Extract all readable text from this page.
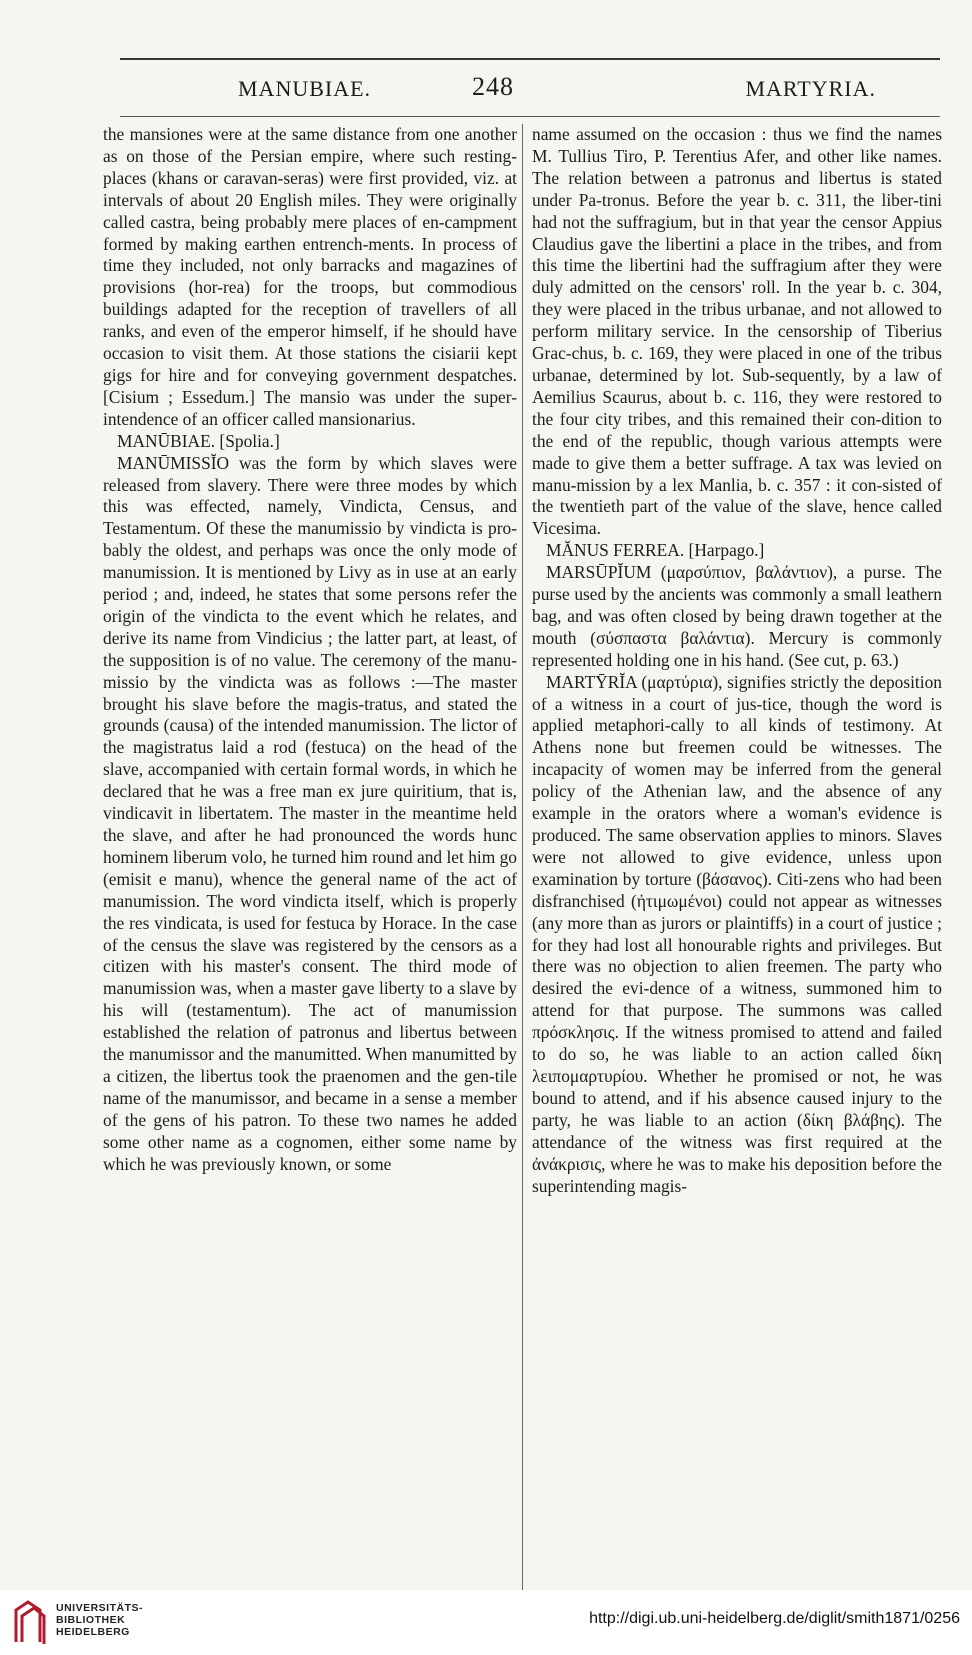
MANUBIAE.	248	MARTYRIA.

the mansiones were at the same distance from one another as on those of the Persian empire, where such resting-places (khans or caravan-seras) were first provided, viz. at intervals of about 20 English miles. They were originally called castra, being probably mere places of en-campment formed by making earthen entrench-ments. In process of time they included, not only barracks and magazines of provisions (hor-rea) for the troops, but commodious buildings adapted for the reception of travellers of all ranks, and even of the emperor himself, if he should have occasion to visit them. At those stations the cisiarii kept gigs for hire and for conveying government despatches. [Cisium ; Essedum.] The mansio was under the super-intendence of an officer called mansionarius.

MANŪBIAE. [Spolia.]

MANŪMISSĬO was the form by which slaves were released from slavery. There were three modes by which this was effected, namely, Vindicta, Census, and Testamentum. Of these the manumissio by vindicta is pro-bably the oldest, and perhaps was once the only mode of manumission. It is mentioned by Livy as in use at an early period ; and, indeed, he states that some persons refer the origin of the vindicta to the event which he relates, and derive its name from Vindicius ; the latter part, at least, of the supposition is of no value. The ceremony of the manu-missio by the vindicta was as follows :—The master brought his slave before the magis-tratus, and stated the grounds (causa) of the intended manumission. The lictor of the magistratus laid a rod (festuca) on the head of the slave, accompanied with certain formal words, in which he declared that he was a free man ex jure quiritium, that is, vindicavit in libertatem. The master in the meantime held the slave, and after he had pronounced the words hunc hominem liberum volo, he turned him round and let him go (emisit e manu), whence the general name of the act of manumission. The word vindicta itself, which is properly the res vindicata, is used for festuca by Horace. In the case of the census the slave was registered by the censors as a citizen with his master's consent. The third mode of manumission was, when a master gave liberty to a slave by his will (testamentum). The act of manumission established the relation of patronus and libertus between the manumissor and the manumitted. When manumitted by a citizen, the libertus took the praenomen and the gen-tile name of the manumissor, and became in a sense a member of the gens of his patron. To these two names he added some other name as a cognomen, either some name by which he was previously known, or some

name assumed on the occasion : thus we find the names M. Tullius Tiro, P. Terentius Afer, and other like names. The relation between a patronus and libertus is stated under Pa-tronus. Before the year b. c. 311, the liber-tini had not the suffragium, but in that year the censor Appius Claudius gave the libertini a place in the tribes, and from this time the libertini had the suffragium after they were duly admitted on the censors' roll. In the year b. c. 304, they were placed in the tribus urbanae, and not allowed to perform military service. In the censorship of Tiberius Grac-chus, b. c. 169, they were placed in one of the tribus urbanae, determined by lot. Sub-sequently, by a law of Aemilius Scaurus, about b. c. 116, they were restored to the four city tribes, and this remained their con-dition to the end of the republic, though various attempts were made to give them a better suffrage. A tax was levied on manu-mission by a lex Manlia, b. c. 357 : it con-sisted of the twentieth part of the value of the slave, hence called Vicesima.

MĂNUS FERREA. [Harpago.]

MARSŪPĬUM (μαρσύπιον, βαλάντιον), a purse. The purse used by the ancients was commonly a small leathern bag, and was often closed by being drawn together at the mouth (σύσπαστα βαλάντια). Mercury is commonly represented holding one in his hand. (See cut, p. 63.)

MARTȲRĬA (μαρτύρια), signifies strictly the deposition of a witness in a court of jus-tice, though the word is applied metaphori-cally to all kinds of testimony. At Athens none but freemen could be witnesses. The incapacity of women may be inferred from the general policy of the Athenian law, and the absence of any example in the orators where a woman's evidence is produced. The same observation applies to minors. Slaves were not allowed to give evidence, unless upon examination by torture (βάσανος). Citi-zens who had been disfranchised (ἠτιμωμένοι) could not appear as witnesses (any more than as jurors or plaintiffs) in a court of justice ; for they had lost all honourable rights and privileges. But there was no objection to alien freemen. The party who desired the evi-dence of a witness, summoned him to attend for that purpose. The summons was called πρόσκλησις. If the witness promised to attend and failed to do so, he was liable to an action called δίκη λειπομαρτυρίου. Whether he promised or not, he was bound to attend, and if his absence caused injury to the party, he was liable to an action (δίκη βλάβης). The attendance of the witness was first required at the ἀνάκρισις, where he was to make his deposition before the superintending magis-

UNIVERSITÄTS-
BIBLIOTHEK
HEIDELBERG
http://digi.ub.uni-heidelberg.de/diglit/smith1871/0256
